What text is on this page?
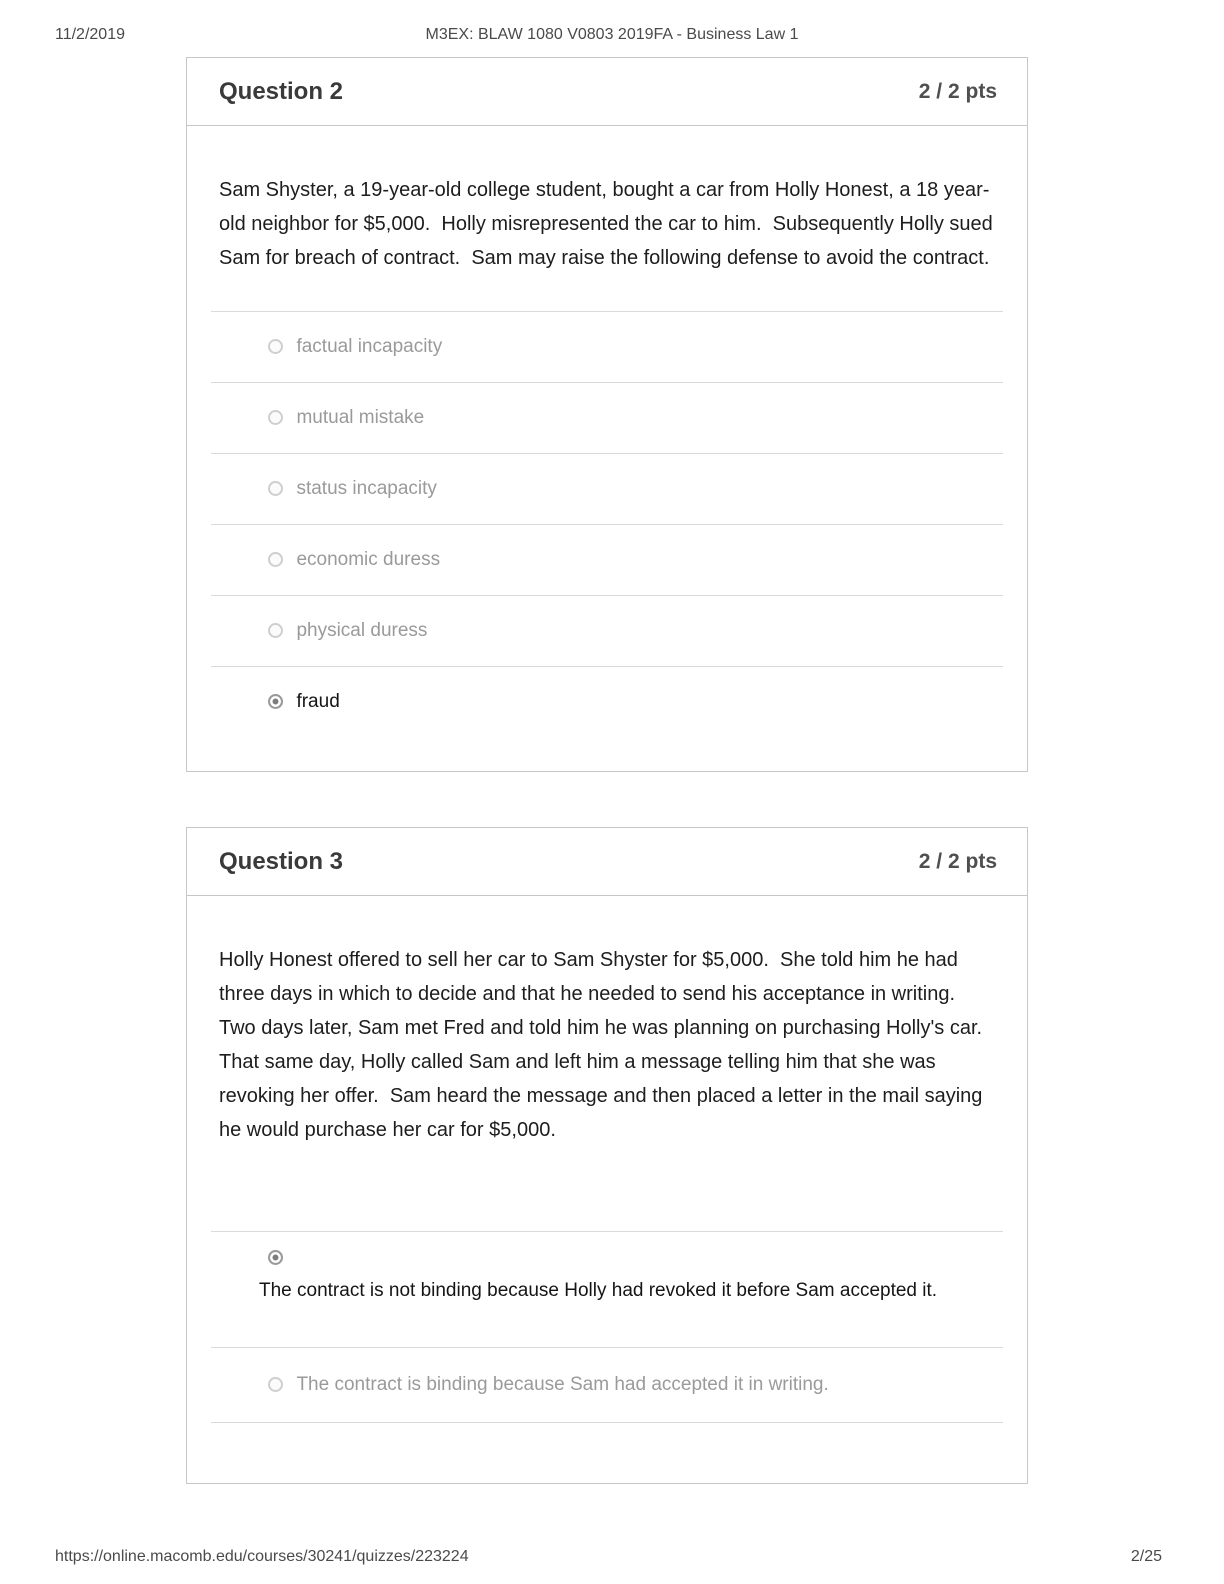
11/2/2019	M3EX: BLAW 1080 V0803 2019FA - Business Law 1
Question 2	2 / 2 pts

Sam Shyster, a 19-year-old college student, bought a car from Holly Honest, a 18 year-old neighbor for $5,000.  Holly misrepresented the car to him.  Subsequently Holly sued Sam for breach of contract.  Sam may raise the following defense to avoid the contract.

factual incapacity
mutual mistake
status incapacity
economic duress
physical duress
fraud
Question 3	2 / 2 pts

Holly Honest offered to sell her car to Sam Shyster for $5,000.  She told him he had three days in which to decide and that he needed to send his acceptance in writing.  Two days later, Sam met Fred and told him he was planning on purchasing Holly's car.  That same day, Holly called Sam and left him a message telling him that she was revoking her offer.  Sam heard the message and then placed a letter in the mail saying he would purchase her car for $5,000.

The contract is not binding because Holly had revoked it before Sam accepted it.
The contract is binding because Sam had accepted it in writing.
https://online.macomb.edu/courses/30241/quizzes/223224	2/25
